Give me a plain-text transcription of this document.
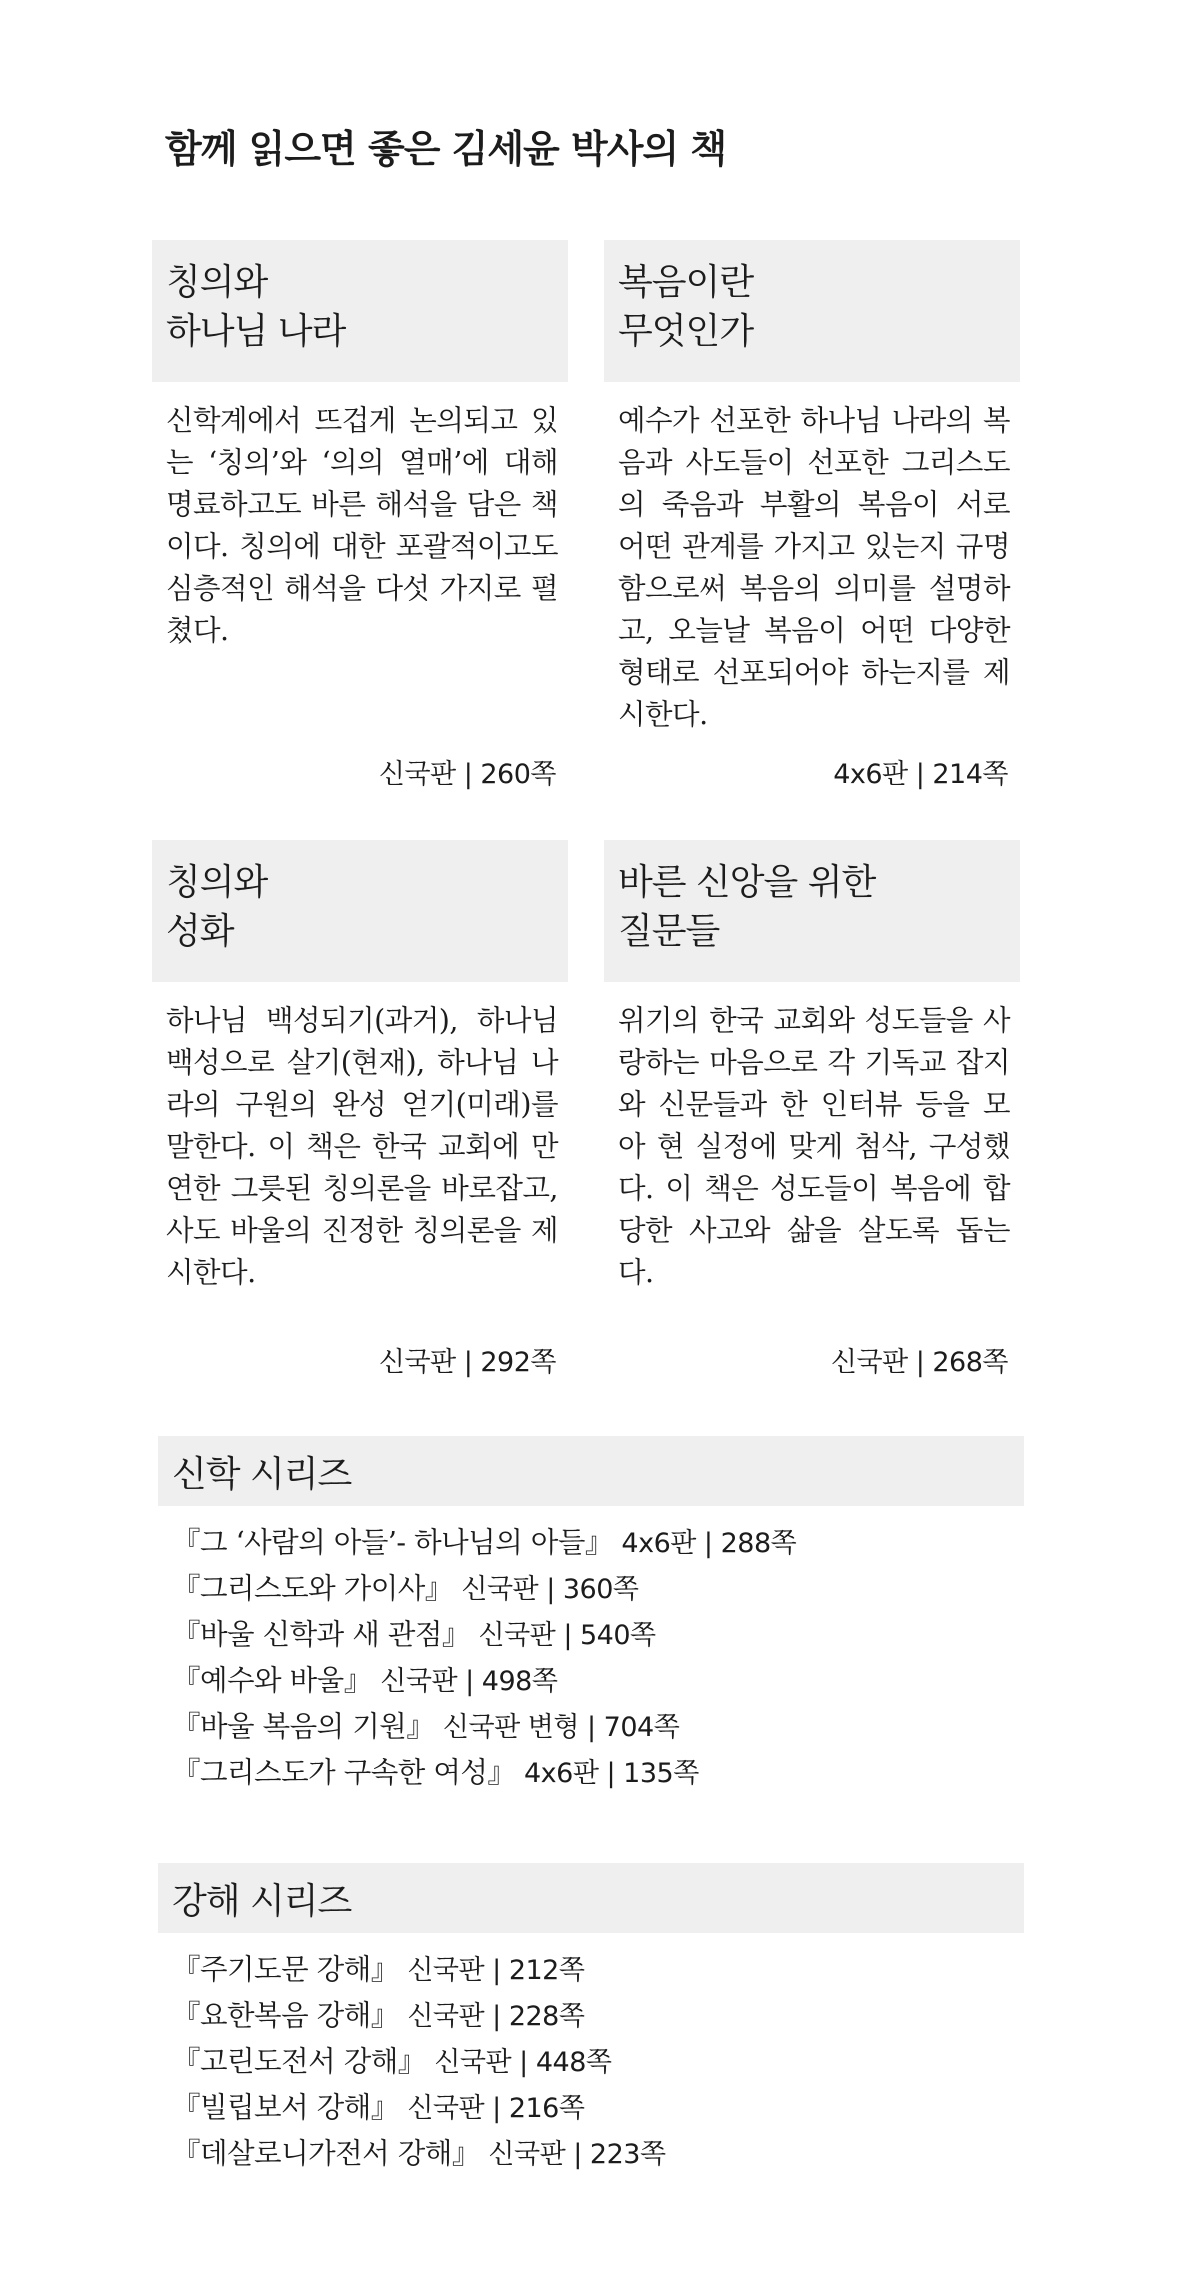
함께 읽으면 좋은 김세윤 박사의 책
칭의와
하나님 나라

신학계에서 뜨겁게 논의되고 있는 ‘칭의’와 ‘의의 열매’에 대해 명료하고도 바른 해석을 담은 책이다. 칭의에 대한 포괄적이고도 심층적인 해석을 다섯 가지로 펼쳤다.

신국판 | 260쪽
복음이란
무엇인가

예수가 선포한 하나님 나라의 복음과 사도들이 선포한 그리스도의 죽음과 부활의 복음이 서로 어떤 관계를 가지고 있는지 규명함으로써 복음의 의미를 설명하고, 오늘날 복음이 어떤 다양한 형태로 선포되어야 하는지를 제시한다.

4x6판 | 214쪽
칭의와
성화

하나님 백성되기(과거), 하나님 백성으로 살기(현재), 하나님 나라의 구원의 완성 얻기(미래)를 말한다. 이 책은 한국 교회에 만연한 그릇된 칭의론을 바로잡고, 사도 바울의 진정한 칭의론을 제시한다.

신국판 | 292쪽
바른 신앙을 위한
질문들

위기의 한국 교회와 성도들을 사랑하는 마음으로 각 기독교 잡지와 신문들과 한 인터뷰 등을 모아 현 실정에 맞게 첨삭, 구성했다. 이 책은 성도들이 복음에 합당한 사고와 삶을 살도록 돕는다.

신국판 | 268쪽
신학 시리즈
『그 ‘사람의 아들’- 하나님의 아들』 4x6판 | 288쪽
『그리스도와 가이사』 신국판 | 360쪽
『바울 신학과 새 관점』 신국판 | 540쪽
『예수와 바울』 신국판 | 498쪽
『바울 복음의 기원』 신국판 변형 | 704쪽
『그리스도가 구속한 여성』 4x6판 | 135쪽
강해 시리즈
『주기도문 강해』 신국판 | 212쪽
『요한복음 강해』 신국판 | 228쪽
『고린도전서 강해』 신국판 | 448쪽
『빌립보서 강해』 신국판 | 216쪽
『데살로니가전서 강해』 신국판 | 223쪽
